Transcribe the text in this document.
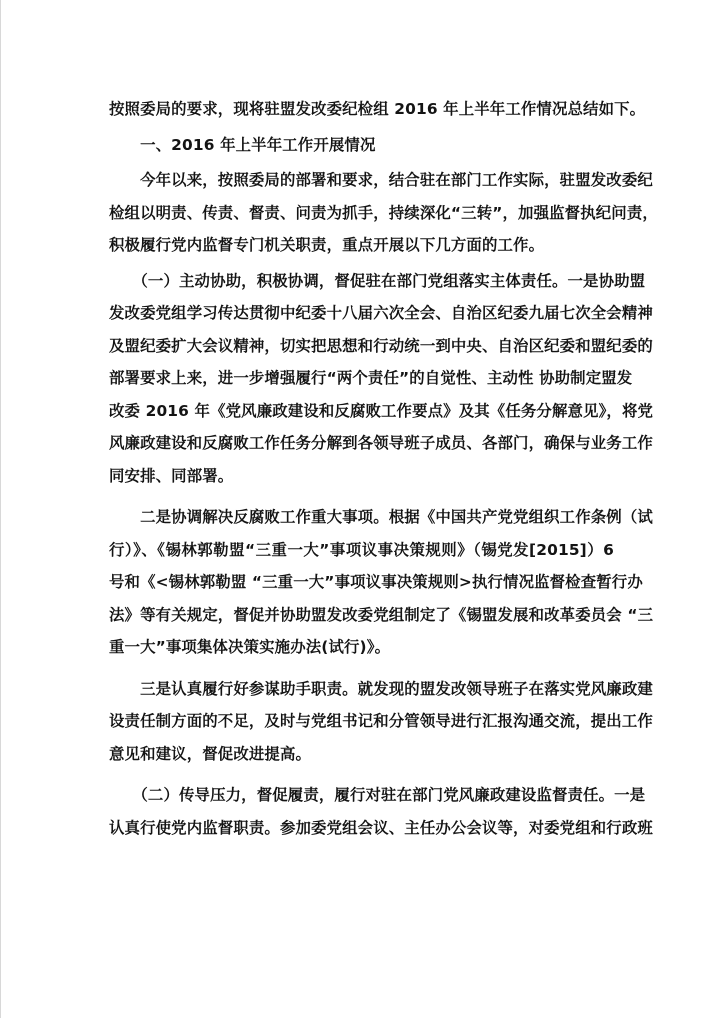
按照委局的要求，现将驻盟发改委纪检组 2016 年上半年工作情况总结如下。
　　一、2016 年上半年工作开展情况
　　今年以来，按照委局的部署和要求，结合驻在部门工作实际，驻盟发改委纪
检组以明责、传责、督责、问责为抓手，持续深化“三转”，加强监督执纪问责，
积极履行党内监督专门机关职责，重点开展以下几方面的工作。
　　（一）主动协助，积极协调，督促驻在部门党组落实主体责任。一是协助盟
发改委党组学习传达贯彻中纪委十八届六次全会、自治区纪委九届七次全会精神
及盟纪委扩大会议精神，切实把思想和行动统一到中央、自治区纪委和盟纪委的
部署要求上来，进一步增强履行“两个责任”的自觉性、主动性 协助制定盟发
改委 2016 年《党风廉政建设和反腐败工作要点》及其《任务分解意见》，将党
风廉政建设和反腐败工作任务分解到各领导班子成员、各部门，确保与业务工作
同安排、同部署。
　　二是协调解决反腐败工作重大事项。根据《中国共产党党组织工作条例（试
行）》、《锡林郭勒盟“三重一大”事项议事决策规则》（锡党发[2015]）6
号和《<锡林郭勒盟 “三重一大”事项议事决策规则>执行情况监督检查暂行办
法》等有关规定，督促并协助盟发改委党组制定了《锡盟发展和改革委员会 “三
重一大”事项集体决策实施办法(试行)》。
　　三是认真履行好参谋助手职责。就发现的盟发改领导班子在落实党风廉政建
设责任制方面的不足，及时与党组书记和分管领导进行汇报沟通交流，提出工作
意见和建议，督促改进提高。
　　（二）传导压力，督促履责，履行对驻在部门党风廉政建设监督责任。一是
认真行使党内监督职责。参加委党组会议、主任办公会议等，对委党组和行政班
